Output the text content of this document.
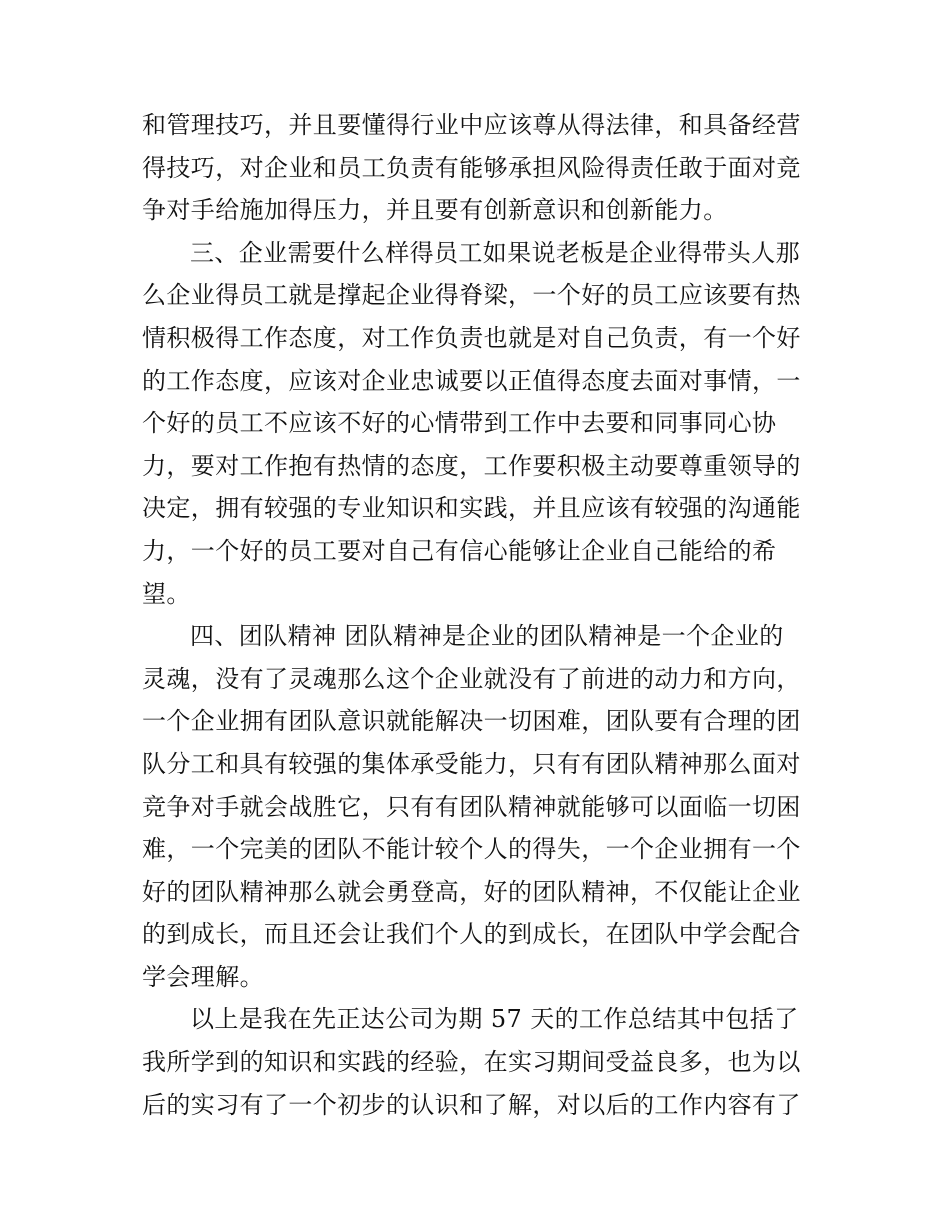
和管理技巧，并且要懂得行业中应该尊从得法律，和具备经营
得技巧，对企业和员工负责有能够承担风险得责任敢于面对竞
争对手给施加得压力，并且要有创新意识和创新能力。
三、企业需要什么样得员工如果说老板是企业得带头人那
么企业得员工就是撑起企业得脊梁，一个好的员工应该要有热
情积极得工作态度，对工作负责也就是对自己负责，有一个好
的工作态度，应该对企业忠诚要以正值得态度去面对事情，一
个好的员工不应该不好的心情带到工作中去要和同事同心协
力，要对工作抱有热情的态度，工作要积极主动要尊重领导的
决定，拥有较强的专业知识和实践，并且应该有较强的沟通能
力，一个好的员工要对自己有信心能够让企业自己能给的希
望。
四、团队精神 团队精神是企业的团队精神是一个企业的
灵魂，没有了灵魂那么这个企业就没有了前进的动力和方向，
一个企业拥有团队意识就能解决一切困难，团队要有合理的团
队分工和具有较强的集体承受能力，只有有团队精神那么面对
竞争对手就会战胜它，只有有团队精神就能够可以面临一切困
难，一个完美的团队不能计较个人的得失，一个企业拥有一个
好的团队精神那么就会勇登高，好的团队精神，不仅能让企业
的到成长，而且还会让我们个人的到成长，在团队中学会配合
学会理解。
以上是我在先正达公司为期 57 天的工作总结其中包括了
我所学到的知识和实践的经验，在实习期间受益良多，也为以
后的实习有了一个初步的认识和了解，对以后的工作内容有了
